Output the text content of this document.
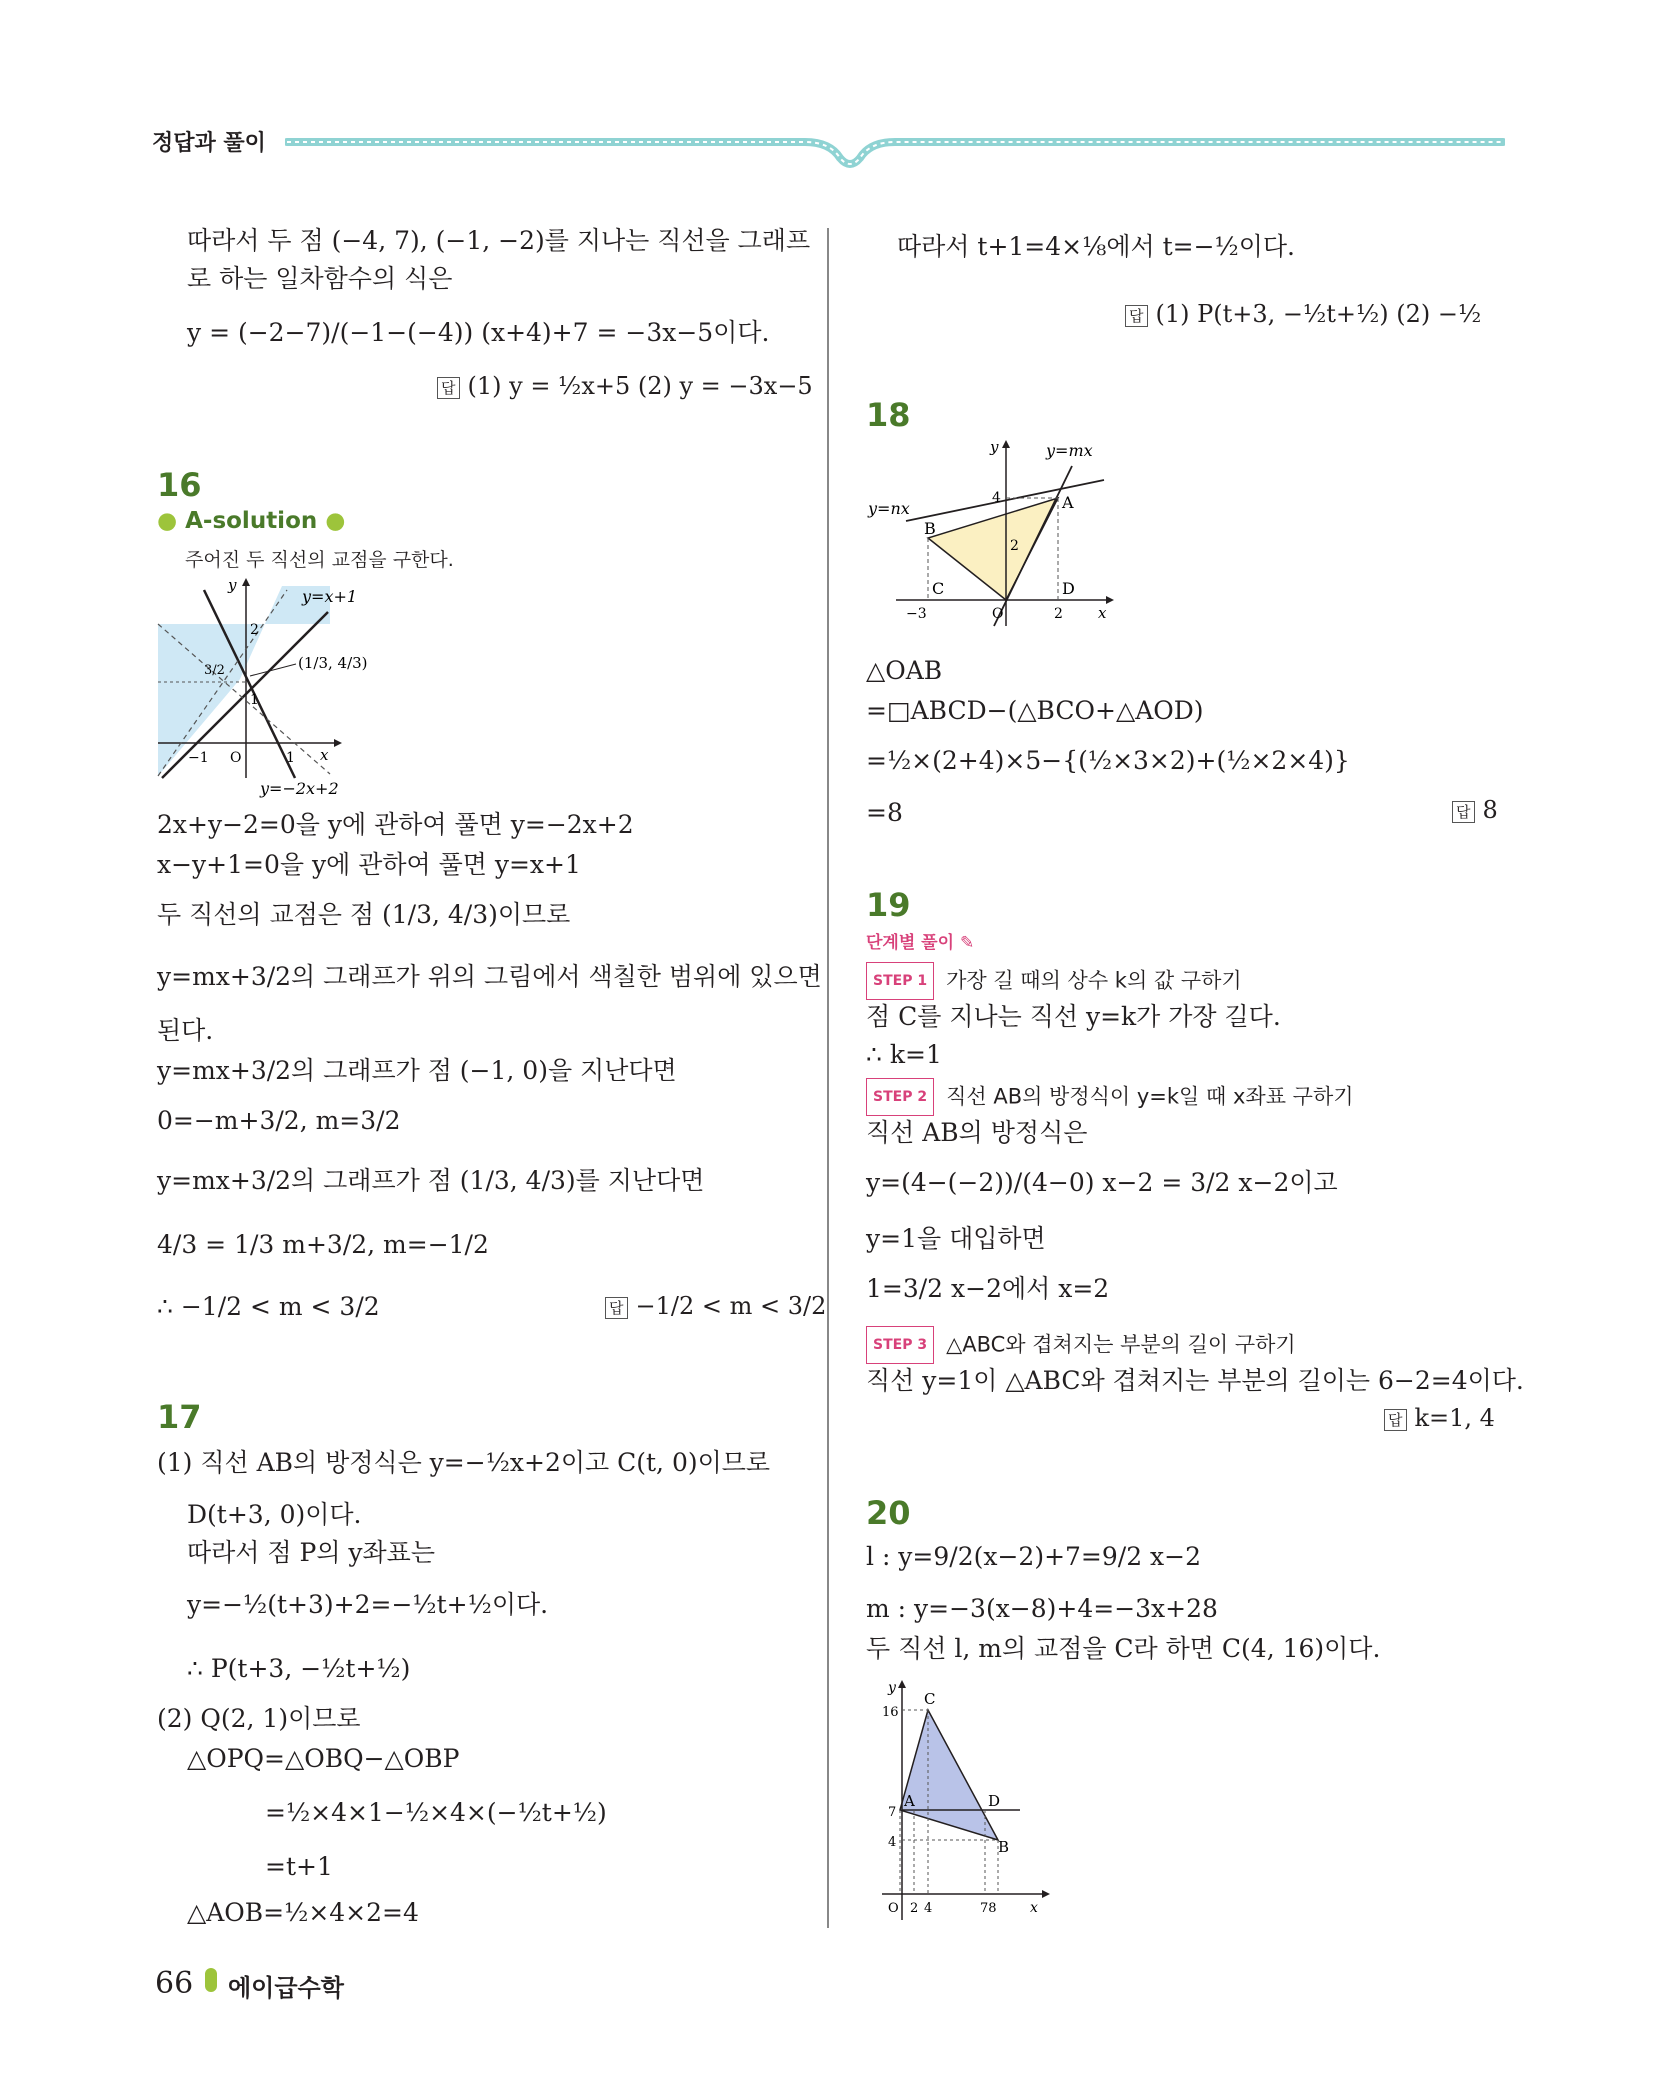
정답과 풀이
따라서 두 점 (−4, 7), (−1, −2)를 지나는 직선을 그래프
로 하는 일차함수의 식은
y = (−2−7)/(−1−(−4)) (x+4)+7 = −3x−5이다.
답 (1) y = ½x+5 (2) y = −3x−5
16
● A-solution ●
주어진 두 직선의 교점을 구한다.
y=x+1
y=−2x+2
y
x
2
1
3/2
−1 O	1
(1/3, 4/3)
2x+y−2=0을 y에 관하여 풀면 y=−2x+2
x−y+1=0을 y에 관하여 풀면 y=x+1
두 직선의 교점은 점 (1/3, 4/3)이므로
y=mx+3/2의 그래프가 위의 그림에서 색칠한 범위에 있으면
된다.
y=mx+3/2의 그래프가 점 (−1, 0)을 지난다면
0=−m+3/2, m=3/2
y=mx+3/2의 그래프가 점 (1/3, 4/3)를 지난다면
4/3 = 1/3 m+3/2, m=−1/2
∴ −1/2 < m < 3/2	답 −1/2 < m < 3/2
17
(1) 직선 AB의 방정식은 y=−½x+2이고 C(t, 0)이므로
D(t+3, 0)이다.
따라서 점 P의 y좌표는
y=−½(t+3)+2=−½t+½이다.
∴ P(t+3, −½t+½)
(2) Q(2, 1)이므로
△OPQ=△OBQ−△OBP
=½×4×1−½×4×(−½t+½)
=t+1
△AOB=½×4×2=4
따라서 t+1=4×⅛에서 t=−½이다.
답 (1) P(t+3, −½t+½) (2) −½
18
y=mx
y=nx
y
x
A
B
C	D
4
2
−3	O	2
△OAB
=□ABCD−(△BCO+△AOD)
=½×(2+4)×5−{(½×3×2)+(½×2×4)}
=8	답 8
19
단계별 풀이 ✎
STEP 1 가장 길 때의 상수 k의 값 구하기
점 C를 지나는 직선 y=k가 가장 길다.
∴ k=1
STEP 2 직선 AB의 방정식이 y=k일 때 x좌표 구하기
직선 AB의 방정식은
y=(4−(−2))/(4−0) x−2 = 3/2 x−2이고
y=1을 대입하면
1=3/2 x−2에서 x=2
STEP 3 △ABC와 겹쳐지는 부분의 길이 구하기
직선 y=1이 △ABC와 겹쳐지는 부분의 길이는 6−2=4이다.
답 k=1, 4
20
l : y=9/2(x−2)+7=9/2 x−2
m : y=−3(x−8)+4=−3x+28
두 직선 l, m의 교점을 C라 하면 C(4, 16)이다.
y
x
C
A	D
B
16
7
4
O 2 4	78
66 에이급수학
